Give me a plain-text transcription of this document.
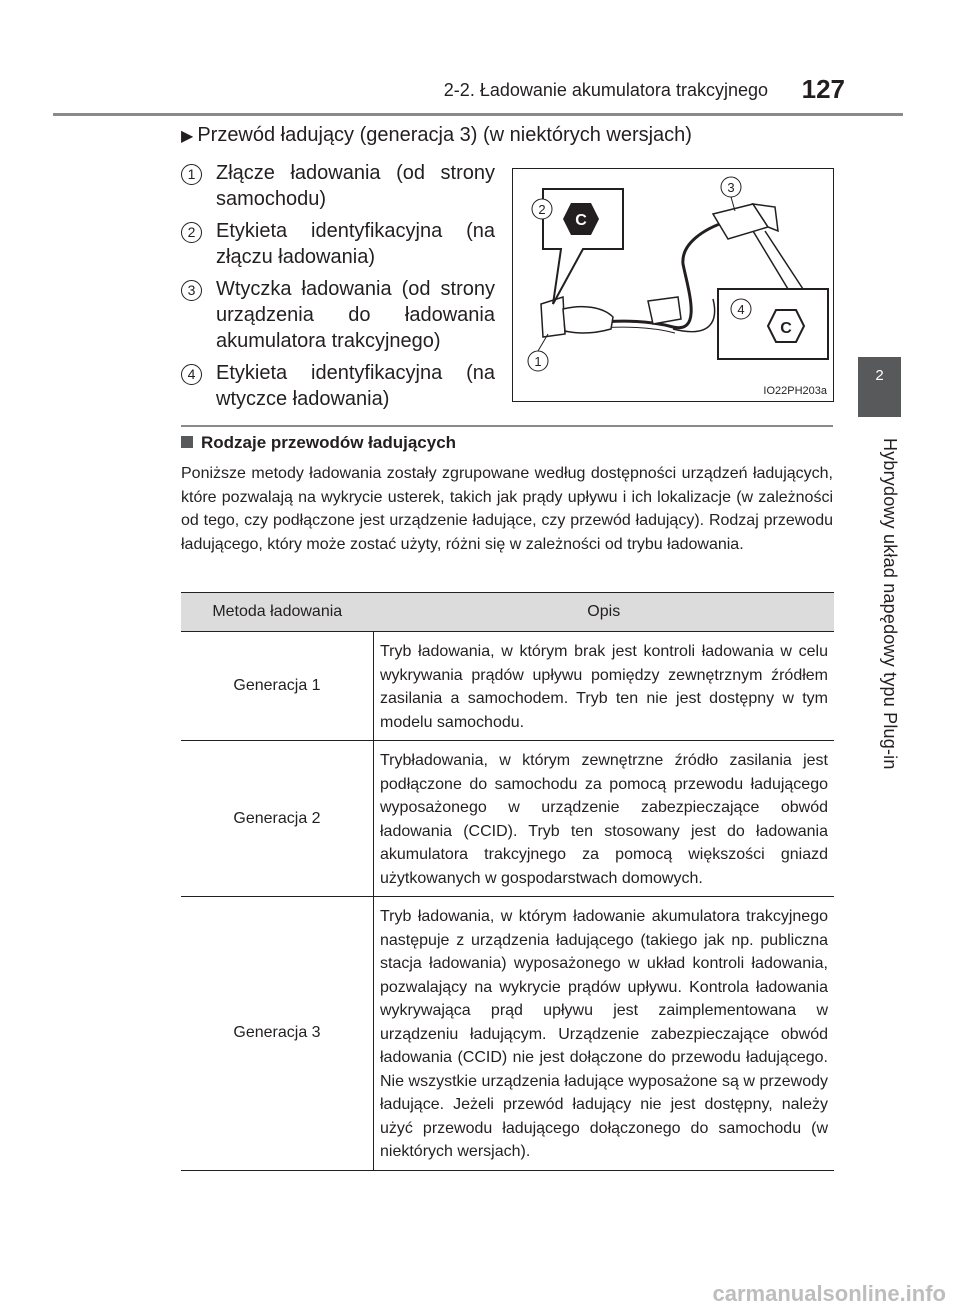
2-2. Ładowanie akumulatora trakcyjnego 127
2
Hybrydowy układ napędowy typu Plug-in
▶ Przewód ładujący (generacja 3) (w niektórych wersjach)
1	Złącze ładowania (od strony samochodu)
2	Etykieta identyfikacyjna (na złączu ładowania)
3	Wtyczka ładowania (od strony urządzenia do ładowania akumulatora trakcyjnego)
4	Etykieta identyfikacyjna (na wtyczce ładowania)
C
C
1
2
3
4
IO22PH203a
Rodzaje przewodów ładujących
Poniższe metody ładowania zostały zgrupowane według dostępności urządzeń ładujących, które pozwalają na wykrycie usterek, takich jak prądy upływu i ich lokalizacje (w zależności od tego, czy podłączone jest urządzenie ładujące, czy przewód ładujący). Rodzaj przewodu ładującego, który może zostać użyty, różni się w zależności od trybu ładowania.
Metoda ładowania	Opis
Generacja 1	Tryb ładowania, w którym brak jest kontroli ładowania w celu wykrywania prądów upływu pomiędzy zewnętrznym źródłem zasilania a samochodem. Tryb ten nie jest dostępny w tym modelu samochodu.
Generacja 2	Trybładowania, w którym zewnętrzne źródło zasilania jest podłączone do samochodu za pomocą przewodu ładującego wyposażonego w urządzenie zabezpieczające obwód ładowania (CCID). Tryb ten stosowany jest do ładowania akumulatora trakcyjnego za pomocą większości gniazd użytkowanych w gospodarstwach domowych.
Generacja 3	Tryb ładowania, w którym ładowanie akumulatora trakcyjnego następuje z urządzenia ładującego (takiego jak np. publiczna stacja ładowania) wyposażonego w układ kontroli ładowania, pozwalający na wykrycie prądów upływu. Kontrola ładowania wykrywająca prąd upływu jest zaimplementowana w urządzeniu ładującym. Urządzenie zabezpieczające obwód ładowania (CCID) nie jest dołączone do przewodu ładującego. Nie wszystkie urządzenia ładujące wyposażone są w przewody ładujące. Jeżeli przewód ładujący nie jest dostępny, należy użyć przewodu ładującego dołączonego do samochodu (w niektórych wersjach).
carmanualsonline.info
